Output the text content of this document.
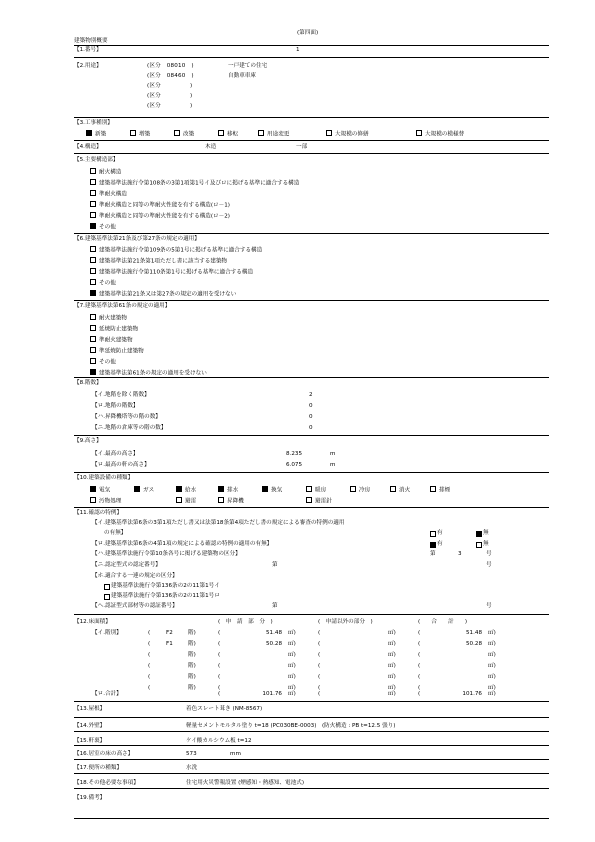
(第四面)
建築物別概要
【1.番号】	1
【2.用途】	(区分　08010　)	一戸建ての住宅
(区分　08460　)	自動車車庫
(区分　　　　　)
(区分　　　　　)
(区分　　　　　)
【3.工事種別】
新築	増築	改築	移転	用途変更	大規模の修繕	大規模の模様替
【4.構造】	木造	一部
【5.主要構造部】
耐火構造
建築基準法施行令第108条の3第1項第1号イ及びロに掲げる基準に適合する構造
準耐火構造
準耐火構造と同等の準耐火性能を有する構造(ロ－1)
準耐火構造と同等の準耐火性能を有する構造(ロ－2)
その他
【6.建築基準法第21条及び第27条の規定の適用】
建築基準法施行令第109条の5第1号に掲げる基準に適合する構造
建築基準法第21条第1項ただし書に該当する建築物
建築基準法施行令第110条第1号に掲げる基準に適合する構造
その他
建築基準法第21条又は第27条の規定の適用を受けない
【7.建築基準法第61条の規定の適用】
耐火建築物
延焼防止建築物
準耐火建築物
準延焼防止建築物
その他
建築基準法第61条の規定の適用を受けない
【8.階数】
【イ.地階を除く階数】	2
【ロ.地階の階数】	0
【ハ.昇降機塔等の階の数】	0
【ニ.地階の倉庫等の階の数】	0
【9.高さ】
【イ.最高の高さ】	8.235	m
【ロ.最高の軒の高さ】	6.075	m
【10.建築設備の種類】
電気	ガス	給水	排水	換気	暖房	冷房	消火	排煙
汚物処理	避雷	昇降機	避雷針
【11.確認の特例】
【イ.建築基準法第6条の3第1項ただし書又は法第18条第4項ただし書の規定による審査の特例の適用
の有無】	有	無
【ロ.建築基準法第6条の4第1項の規定による確認の特例の適用の有無】	有	無
【ハ.建築基準法施行令第10条各号に掲げる建築物の区分】	第	3	号
【ニ.認定型式の認定番号】	第	号
【ホ.適合する一連の規定の区分】
建築基準法施行令第136条の2の11第1号イ
建築基準法施行令第136条の2の11第1号ロ
【ヘ.認証型式部材等の認証番号】	第	号
【12.床面積】	(　申　請　部　分　)	(　申請以外の部分　)	(　　合　　計　　)
【イ.階別】	(	F2	階)	(	51.48 ㎡)	(	㎡)	(	51.48 ㎡)
(	F1	階)	(	50.28 ㎡)	(	㎡)	(	50.28 ㎡)
(	階)	(	㎡)	(	㎡)	(	㎡)
(	階)	(	㎡)	(	㎡)	(	㎡)
(	階)	(	㎡)	(	㎡)	(	㎡)
(	階)	(	㎡)	(	㎡)	(	㎡)
【ロ.合計】	(	101.76 ㎡)	(	㎡)	(	101.76 ㎡)
【13.屋根】	着色スレート葺き (NM-8567)
【14.外壁】	軽量セメントモルタル塗り t=18 (PC030BE-0003)　(防火構造 : PB t=12.5 張り)
【15.軒裏】	ケイ酸カルシウム板 t=12
【16.居室の床の高さ】	573
【17.便所の種類】	水洗
【18.その他必要な事項】	住宅用火災警報設置 (煙感知・熱感知、電池式)
【19.備考】
mm
